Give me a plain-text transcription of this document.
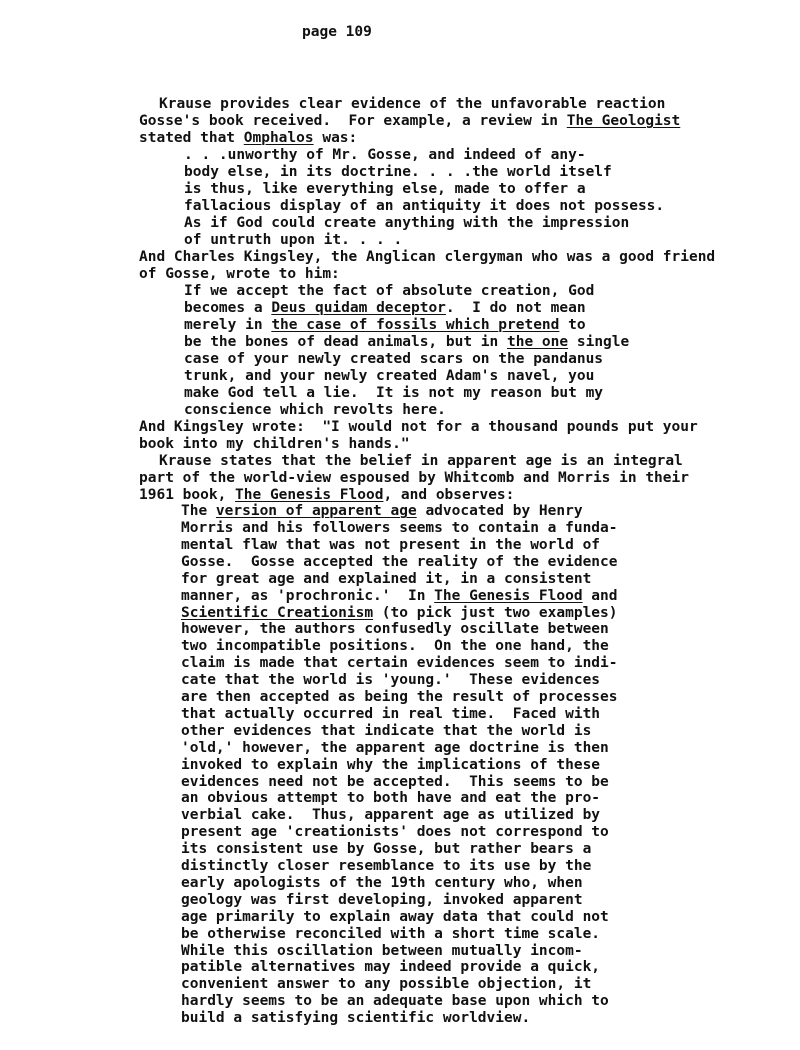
page 109
Krause provides clear evidence of the unfavorable reaction
Gosse's book received.  For example, a review in The Geologist
stated that Omphalos was:
. . .unworthy of Mr. Gosse, and indeed of any-
body else, in its doctrine. . . .the world itself
is thus, like everything else, made to offer a
fallacious display of an antiquity it does not possess.
As if God could create anything with the impression
of untruth upon it. . . .
And Charles Kingsley, the Anglican clergyman who was a good friend
of Gosse, wrote to him:
If we accept the fact of absolute creation, God
becomes a Deus quidam deceptor.  I do not mean
merely in the case of fossils which pretend to
be the bones of dead animals, but in the one single
case of your newly created scars on the pandanus
trunk, and your newly created Adam's navel, you
make God tell a lie.  It is not my reason but my
conscience which revolts here.
And Kingsley wrote:  "I would not for a thousand pounds put your
book into my children's hands."
Krause states that the belief in apparent age is an integral
part of the world-view espoused by Whitcomb and Morris in their
1961 book, The Genesis Flood, and observes:
The version of apparent age advocated by Henry
Morris and his followers seems to contain a funda-
mental flaw that was not present in the world of
Gosse.  Gosse accepted the reality of the evidence
for great age and explained it, in a consistent
manner, as 'prochronic.'  In The Genesis Flood and
Scientific Creationism (to pick just two examples)
however, the authors confusedly oscillate between
two incompatible positions.  On the one hand, the
claim is made that certain evidences seem to indi-
cate that the world is 'young.'  These evidences
are then accepted as being the result of processes
that actually occurred in real time.  Faced with
other evidences that indicate that the world is
'old,' however, the apparent age doctrine is then
invoked to explain why the implications of these
evidences need not be accepted.  This seems to be
an obvious attempt to both have and eat the pro-
verbial cake.  Thus, apparent age as utilized by
present age 'creationists' does not correspond to
its consistent use by Gosse, but rather bears a
distinctly closer resemblance to its use by the
early apologists of the 19th century who, when
geology was first developing, invoked apparent
age primarily to explain away data that could not
be otherwise reconciled with a short time scale.
While this oscillation between mutually incom-
patible alternatives may indeed provide a quick,
convenient answer to any possible objection, it
hardly seems to be an adequate base upon which to
build a satisfying scientific worldview.
